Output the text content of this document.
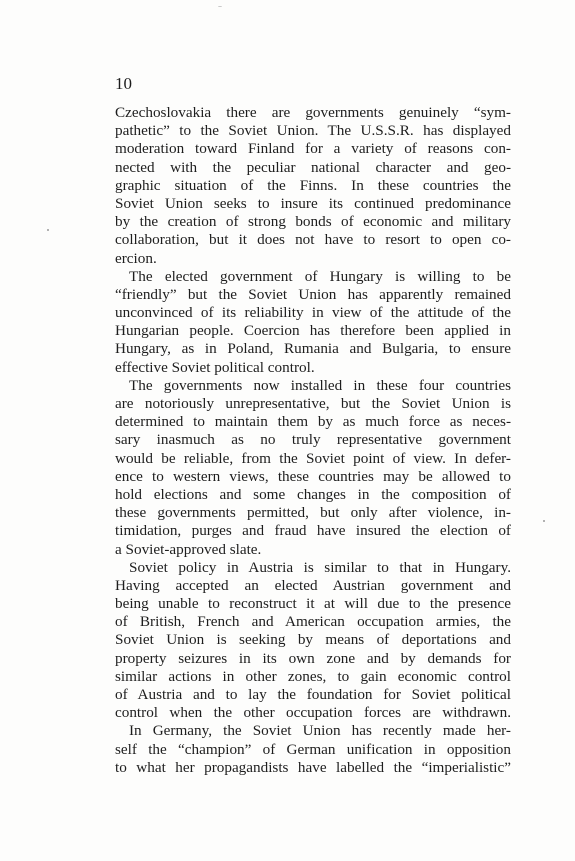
10
Czechoslovakia there are governments genuinely “sym-
pathetic” to the Soviet Union. The U.S.S.R. has displayed
moderation toward Finland for a variety of reasons con-
nected with the peculiar national character and geo-
graphic situation of the Finns. In these countries the
Soviet Union seeks to insure its continued predominance
by the creation of strong bonds of economic and military
collaboration, but it does not have to resort to open co-
ercion.
The elected government of Hungary is willing to be
“friendly” but the Soviet Union has apparently remained
unconvinced of its reliability in view of the attitude of the
Hungarian people. Coercion has therefore been applied in
Hungary, as in Poland, Rumania and Bulgaria, to ensure
effective Soviet political control.
The governments now installed in these four countries
are notoriously unrepresentative, but the Soviet Union is
determined to maintain them by as much force as neces-
sary inasmuch as no truly representative government
would be reliable, from the Soviet point of view. In defer-
ence to western views, these countries may be allowed to
hold elections and some changes in the composition of
these governments permitted, but only after violence, in-
timidation, purges and fraud have insured the election of
a Soviet-approved slate.
Soviet policy in Austria is similar to that in Hungary.
Having accepted an elected Austrian government and
being unable to reconstruct it at will due to the presence
of British, French and American occupation armies, the
Soviet Union is seeking by means of deportations and
property seizures in its own zone and by demands for
similar actions in other zones, to gain economic control
of Austria and to lay the foundation for Soviet political
control when the other occupation forces are withdrawn.
In Germany, the Soviet Union has recently made her-
self the “champion” of German unification in opposition
to what her propagandists have labelled the “imperialistic”
